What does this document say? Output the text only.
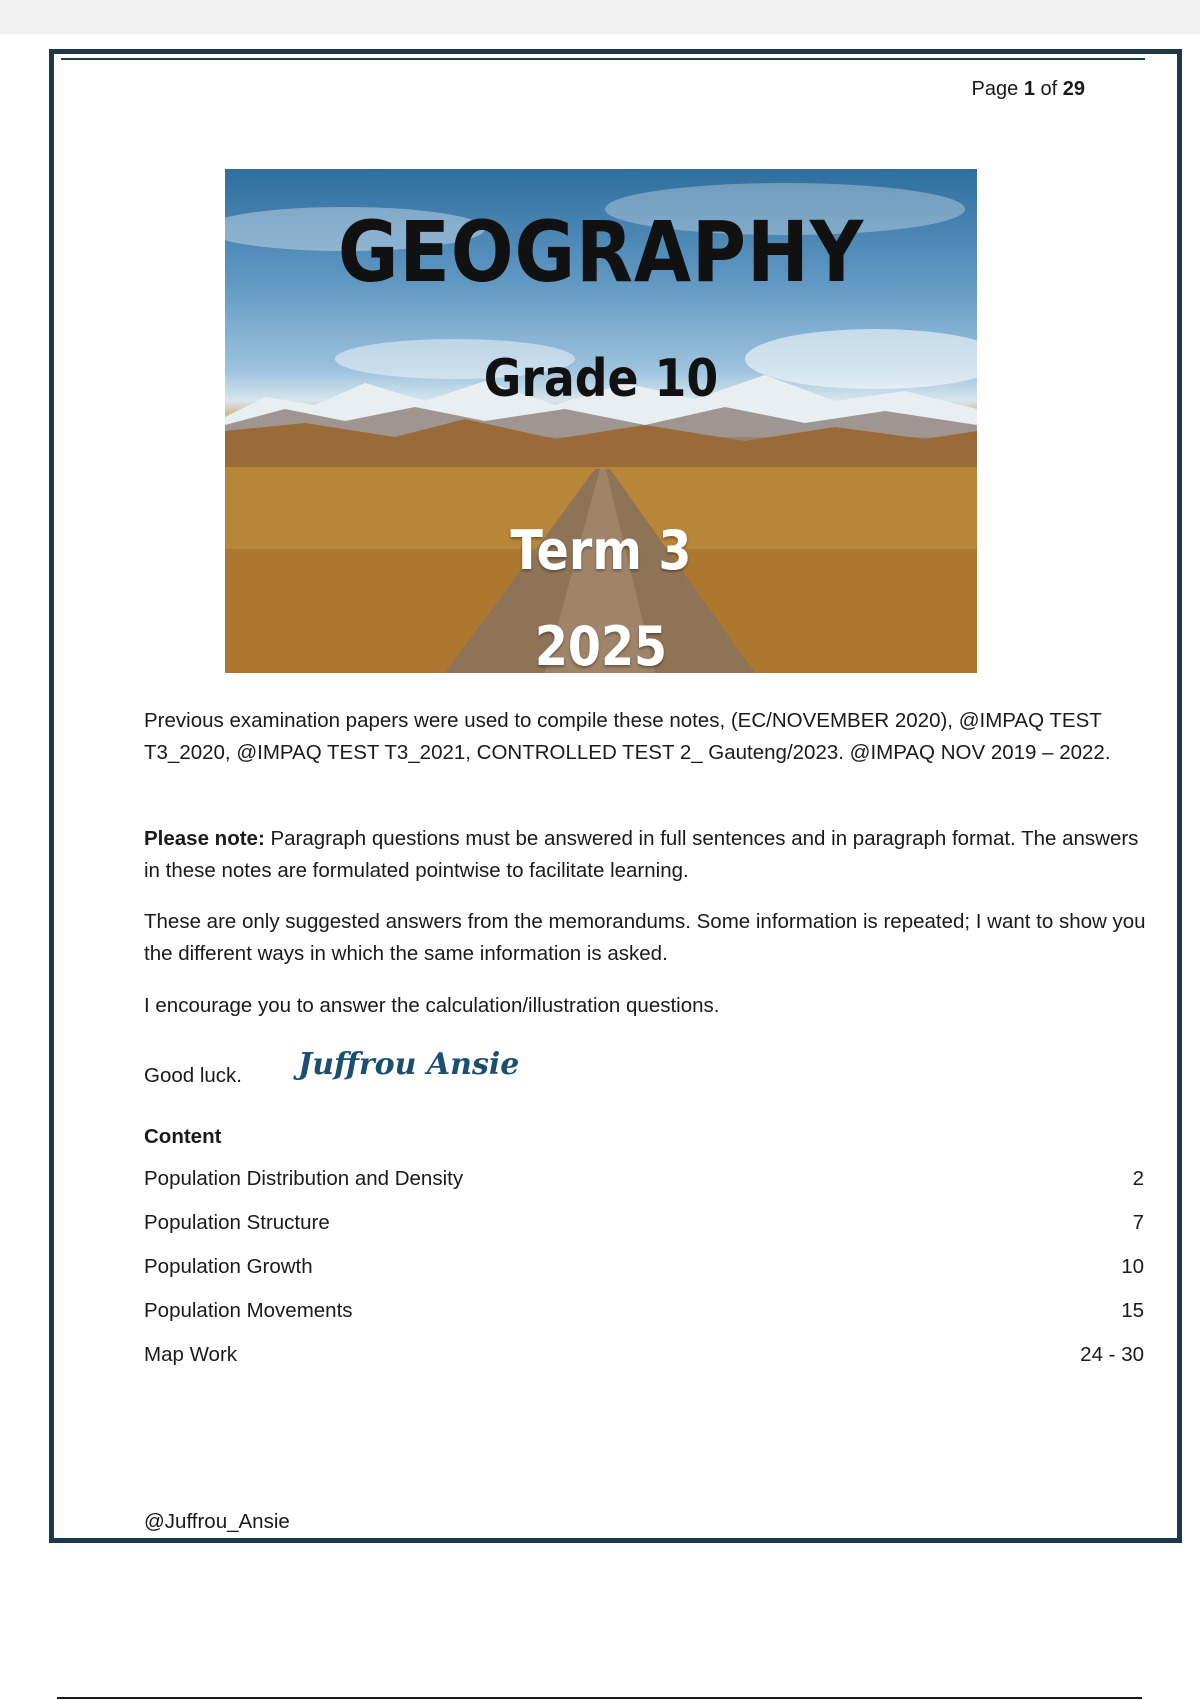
Page 1 of 29
GEOGRAPHY
Grade 10
Term 3
2025
Previous examination papers were used to compile these notes, (EC/NOVEMBER 2020), @IMPAQ TEST T3_2020, @IMPAQ TEST T3_2021, CONTROLLED TEST 2_ Gauteng/2023. @IMPAQ NOV 2019 – 2022.
Please note: Paragraph questions must be answered in full sentences and in paragraph format. The answers in these notes are formulated pointwise to facilitate learning.
These are only suggested answers from the memorandums. Some information is repeated; I want to show you the different ways in which the same information is asked.
I encourage you to answer the calculation/illustration questions.
Good luck. Juffrou Ansie
Content
Population Distribution and Density	2
Population Structure	7
Population Growth	10
Population Movements	15
Map Work	24 - 30
@Juffrou_Ansie
